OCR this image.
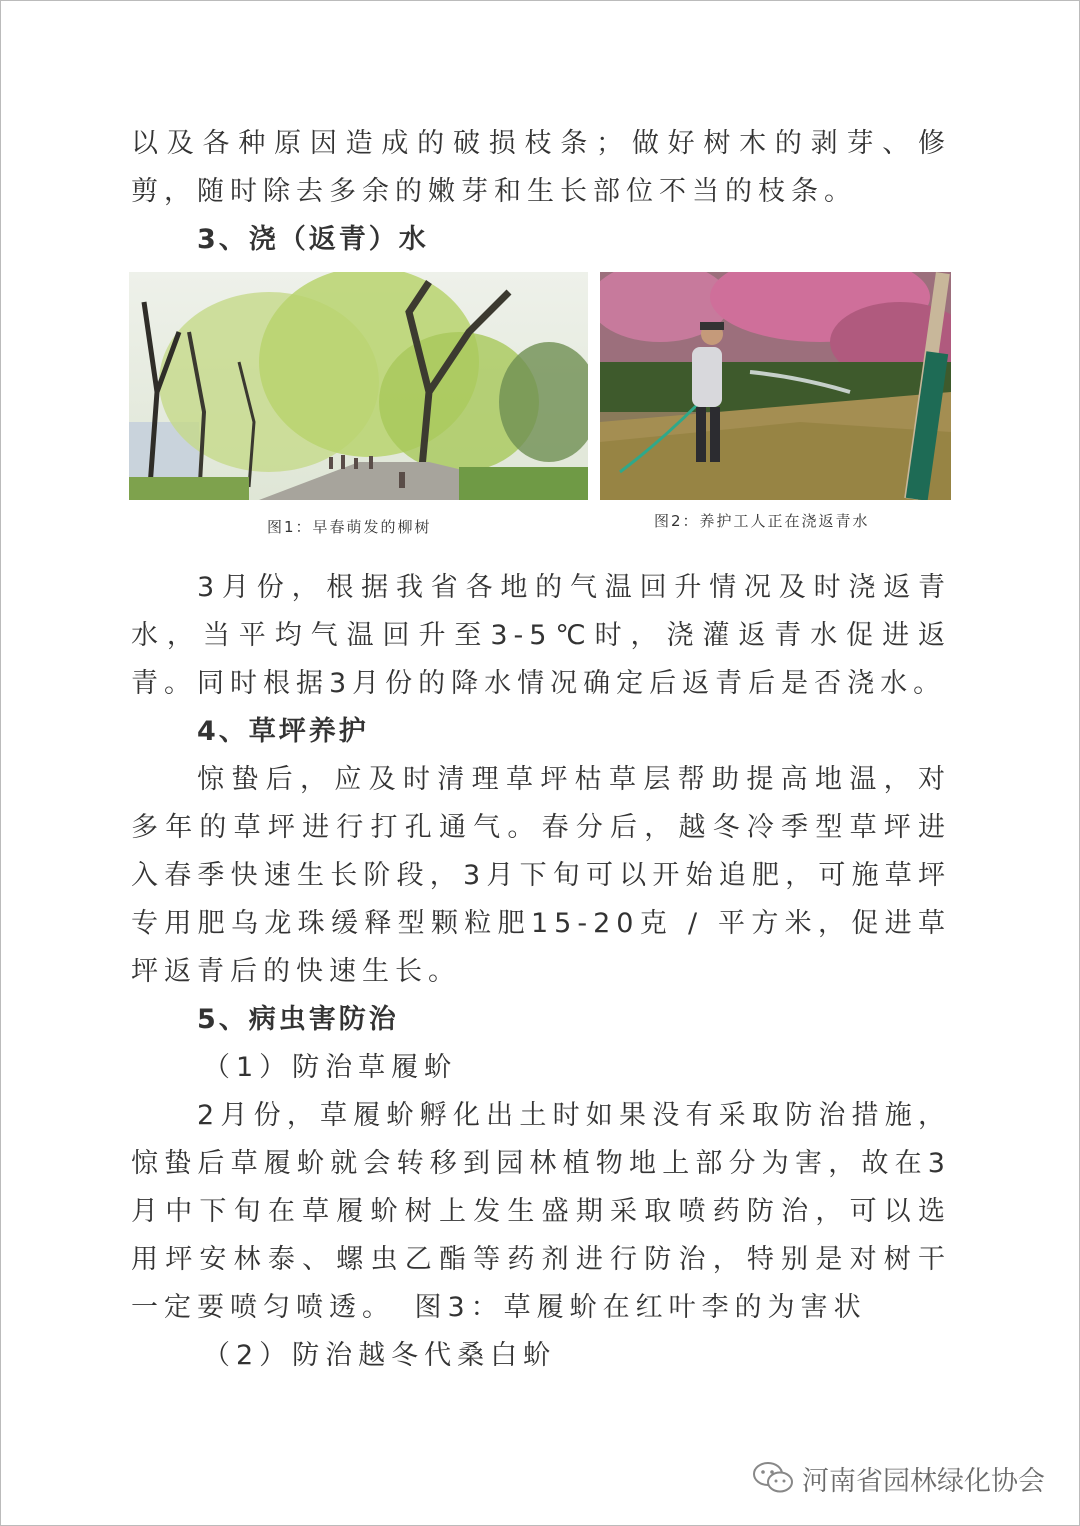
以及各种原因造成的破损枝条；做好树木的剥芽、修剪，随时除去多余的嫩芽和生长部位不当的枝条。

3、浇（返青）水
图1：早春萌发的柳树	图2：养护工人正在浇返青水

3月份，根据我省各地的气温回升情况及时浇返青水，当平均气温回升至3-5℃时，浇灌返青水促进返青。同时根据3月份的降水情况确定后返青后是否浇水。

4、草坪养护

惊蛰后，应及时清理草坪枯草层帮助提高地温，对多年的草坪进行打孔通气。春分后，越冬冷季型草坪进入春季快速生长阶段，3月下旬可以开始追肥，可施草坪专用肥乌龙珠缓释型颗粒肥15-20克 / 平方米，促进草坪返青后的快速生长。

5、病虫害防治

（1）防治草履蚧

2月份，草履蚧孵化出土时如果没有采取防治措施，惊蛰后草履蚧就会转移到园林植物地上部分为害，故在3月中下旬在草履蚧树上发生盛期采取喷药防治，可以选用坪安林泰、螺虫乙酯等药剂进行防治，特别是对树干一定要喷匀喷透。　图3：草履蚧在红叶李的为害状

（2）防治越冬代桑白蚧

河南省园林绿化协会
